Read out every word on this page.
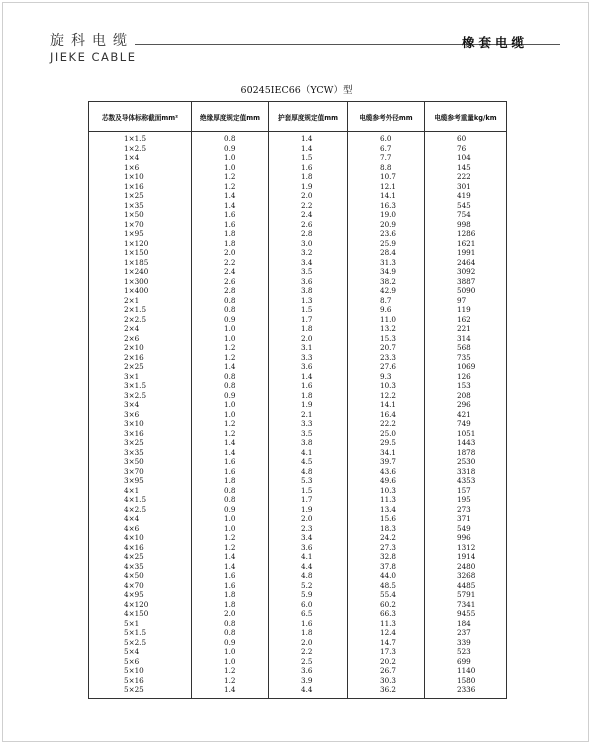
旋科电缆
JIEKE CABLE
橡套电缆
60245IEC66（YCW）型
芯数及导体标称截面mm²	绝缘厚度规定值mm	护套厚度规定值mm	电缆参考外径mm	电缆参考重量kg/km
1×1.5	0.8	1.4	6.0	60
1×2.5	0.9	1.4	6.7	76
1×4	1.0	1.5	7.7	104
1×6	1.0	1.6	8.8	145
1×10	1.2	1.8	10.7	222
1×16	1.2	1.9	12.1	301
1×25	1.4	2.0	14.1	419
1×35	1.4	2.2	16.3	545
1×50	1.6	2.4	19.0	754
1×70	1.6	2.6	20.9	998
1×95	1.8	2.8	23.6	1286
1×120	1.8	3.0	25.9	1621
1×150	2.0	3.2	28.4	1991
1×185	2.2	3.4	31.3	2464
1×240	2.4	3.5	34.9	3092
1×300	2.6	3.6	38.2	3887
1×400	2.8	3.8	42.9	5090
2×1	0.8	1.3	8.7	97
2×1.5	0.8	1.5	9.6	119
2×2.5	0.9	1.7	11.0	162
2×4	1.0	1.8	13.2	221
2×6	1.0	2.0	15.3	314
2×10	1.2	3.1	20.7	568
2×16	1.2	3.3	23.3	735
2×25	1.4	3.6	27.6	1069
3×1	0.8	1.4	9.3	126
3×1.5	0.8	1.6	10.3	153
3×2.5	0.9	1.8	12.2	208
3×4	1.0	1.9	14.1	296
3×6	1.0	2.1	16.4	421
3×10	1.2	3.3	22.2	749
3×16	1.2	3.5	25.0	1051
3×25	1.4	3.8	29.5	1443
3×35	1.4	4.1	34.1	1878
3×50	1.6	4.5	39.7	2530
3×70	1.6	4.8	43.6	3318
3×95	1.8	5.3	49.6	4353
4×1	0.8	1.5	10.3	157
4×1.5	0.8	1.7	11.3	195
4×2.5	0.9	1.9	13.4	273
4×4	1.0	2.0	15.6	371
4×6	1.0	2.3	18.3	549
4×10	1.2	3.4	24.2	996
4×16	1.2	3.6	27.3	1312
4×25	1.4	4.1	32.8	1914
4×35	1.4	4.4	37.8	2480
4×50	1.6	4.8	44.0	3268
4×70	1.6	5.2	48.5	4485
4×95	1.8	5.9	55.4	5791
4×120	1.8	6.0	60.2	7341
4×150	2.0	6.5	66.3	9455
5×1	0.8	1.6	11.3	184
5×1.5	0.8	1.8	12.4	237
5×2.5	0.9	2.0	14.7	339
5×4	1.0	2.2	17.3	523
5×6	1.0	2.5	20.2	699
5×10	1.2	3.6	26.7	1140
5×16	1.2	3.9	30.3	1580
5×25	1.4	4.4	36.2	2336
